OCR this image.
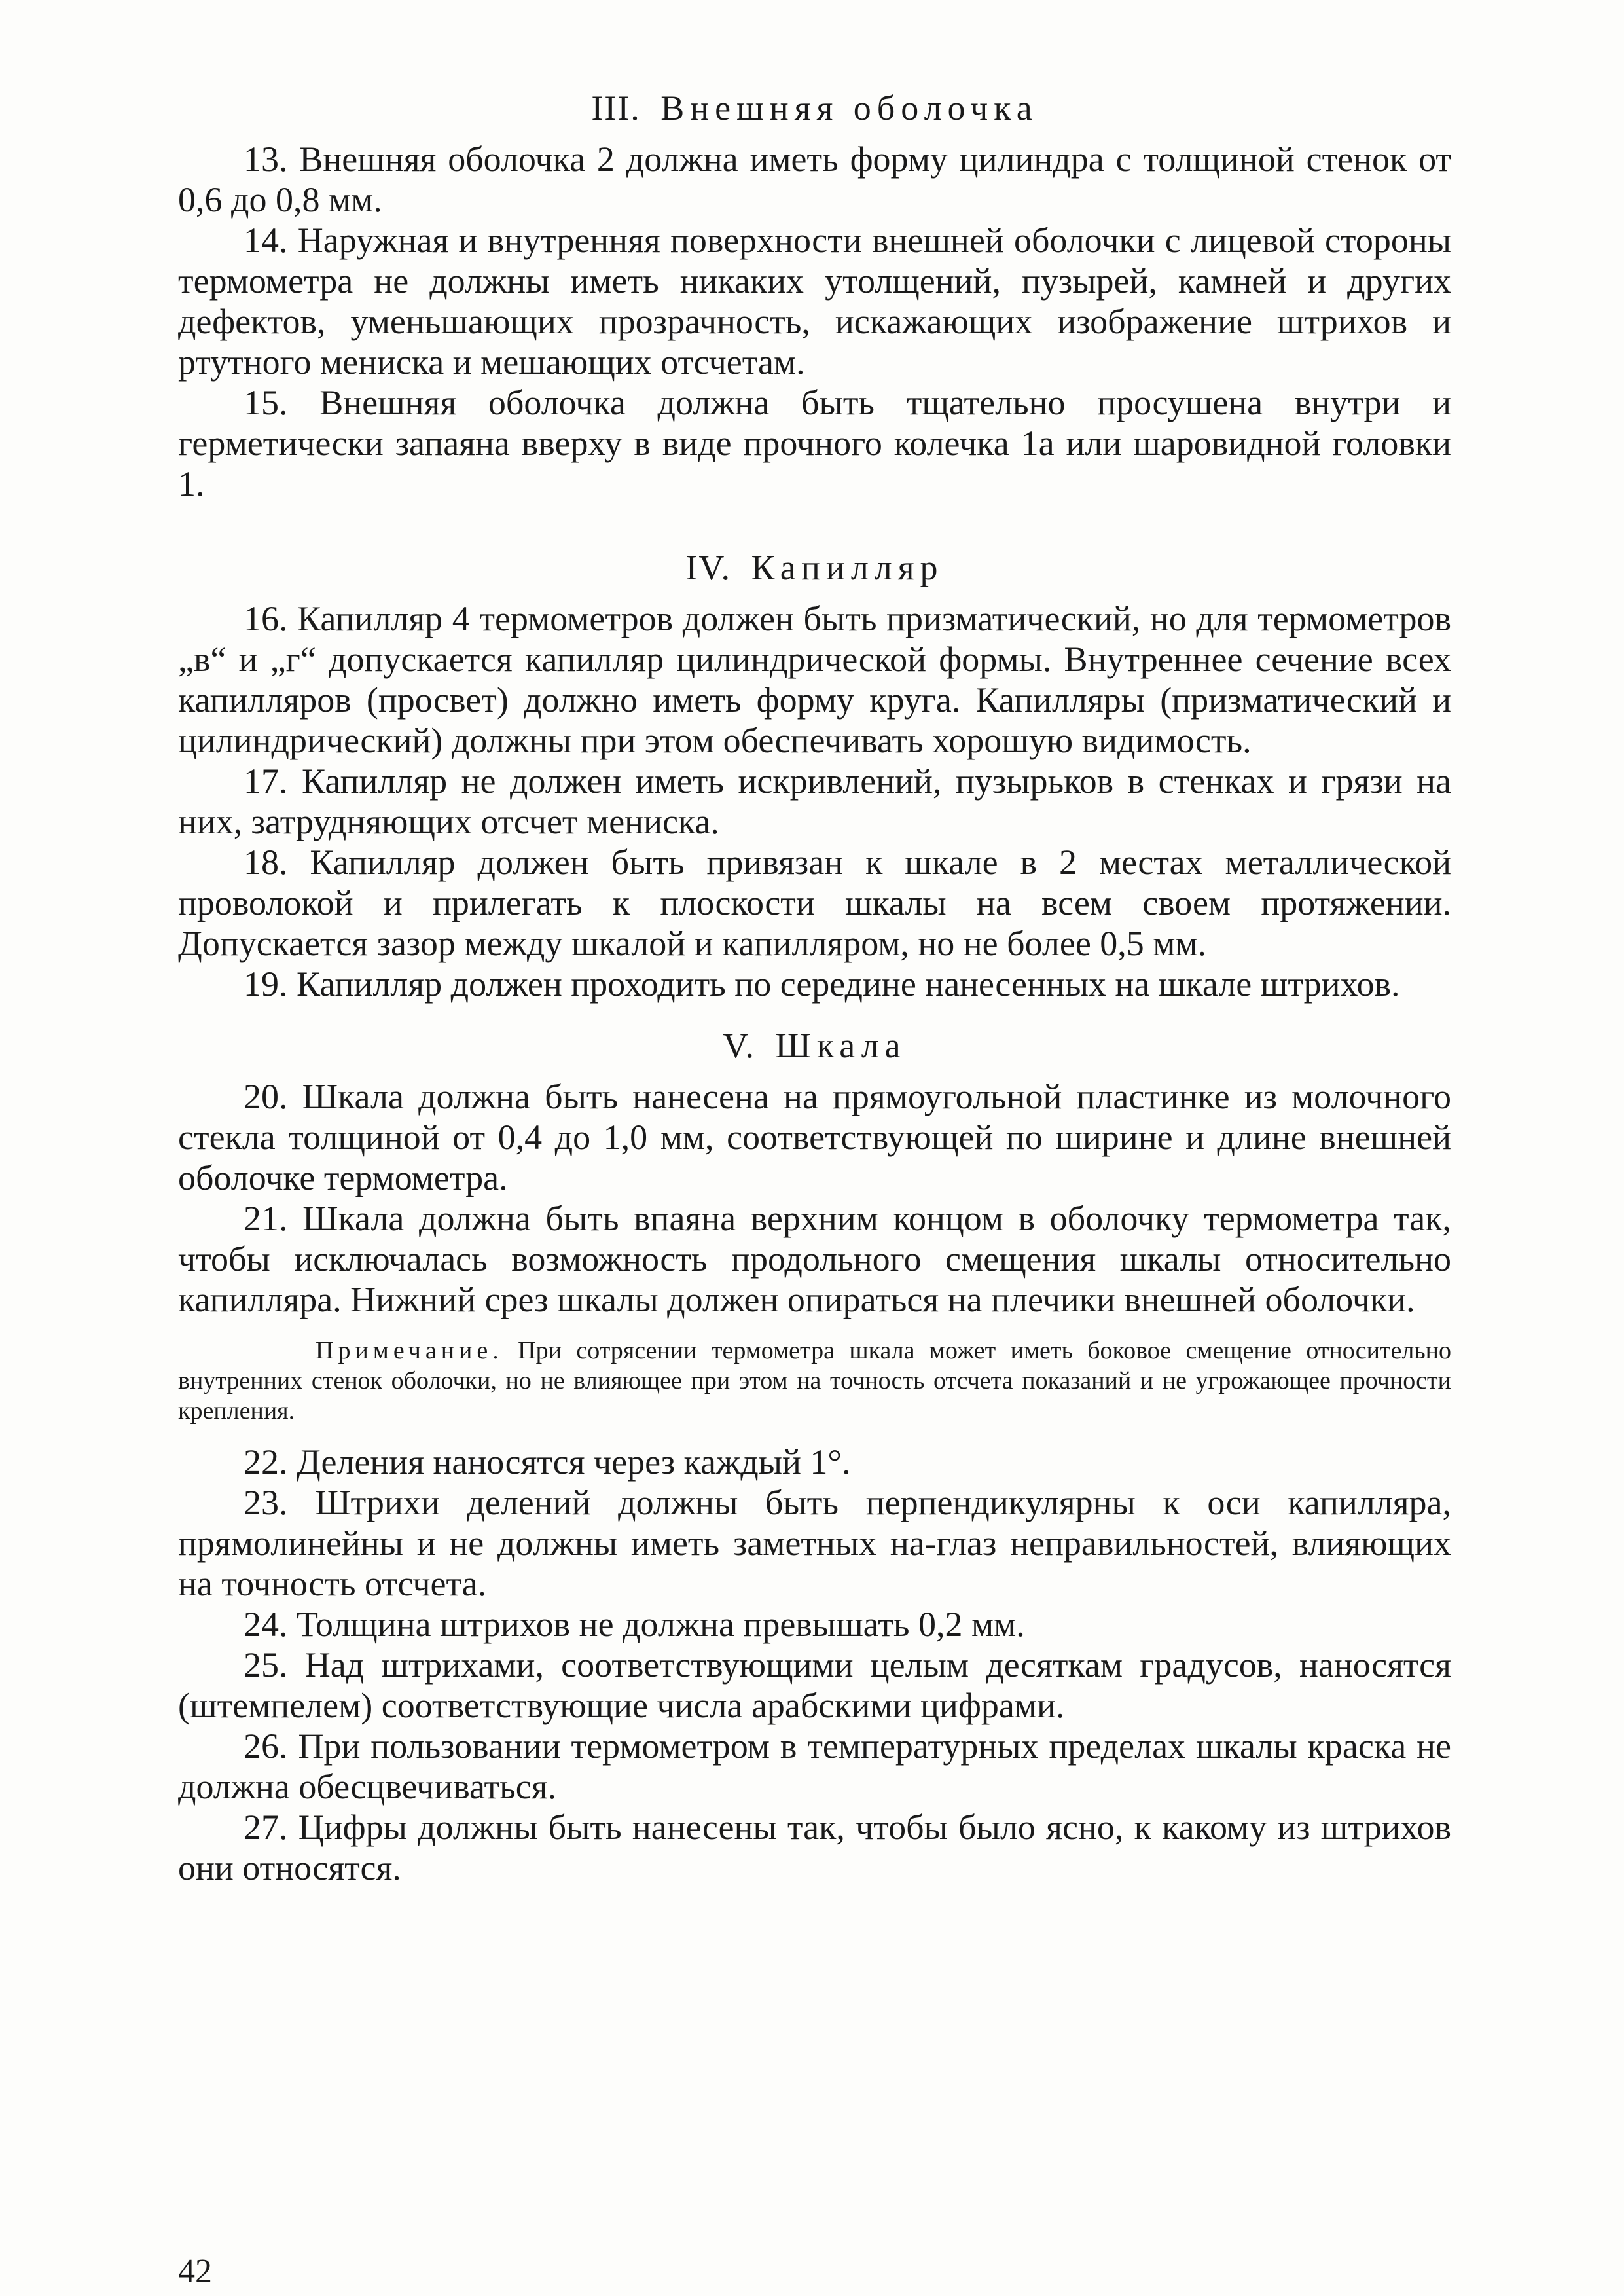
III. Внешняя оболочка

13. Внешняя оболочка 2 должна иметь форму цилиндра с толщиной стенок от 0,6 до 0,8 мм.

14. Наружная и внутренняя поверхности внешней оболочки с лицевой стороны термометра не должны иметь никаких утолщений, пузырей, камней и других дефектов, уменьшающих прозрачность, искажающих изображение штрихов и ртутного мениска и мешающих отсчетам.

15. Внешняя оболочка должна быть тщательно просушена внутри и герметически запаяна вверху в виде прочного колечка 1а или шаровидной головки 1.

IV. Капилляр

16. Капилляр 4 термометров должен быть призматический, но для термометров „в“ и „г“ допускается капилляр цилиндрической формы. Внутреннее сечение всех капилляров (просвет) должно иметь форму круга. Капилляры (призматический и цилиндрический) должны при этом обеспечивать хорошую видимость.

17. Капилляр не должен иметь искривлений, пузырьков в стенках и грязи на них, затрудняющих отсчет мениска.

18. Капилляр должен быть привязан к шкале в 2 местах металлической проволокой и прилегать к плоскости шкалы на всем своем протяжении. Допускается зазор между шкалой и капилляром, но не более 0,5 мм.

19. Капилляр должен проходить по середине нанесенных на шкале штрихов.

V. Шкала

20. Шкала должна быть нанесена на прямоугольной пластинке из молочного стекла толщиной от 0,4 до 1,0 мм, соответствующей по ширине и длине внешней оболочке термометра.

21. Шкала должна быть впаяна верхним концом в оболочку термометра так, чтобы исключалась возможность продольного смещения шкалы относительно капилляра. Нижний срез шкалы должен опираться на плечики внешней оболочки.

Примечание. При сотрясении термометра шкала может иметь боковое смещение относительно внутренних стенок оболочки, но не влияющее при этом на точность отсчета показаний и не угрожающее прочности крепления.

22. Деления наносятся через каждый 1°.

23. Штрихи делений должны быть перпендикулярны к оси капилляра, прямолинейны и не должны иметь заметных на-глаз неправильностей, влияющих на точность отсчета.

24. Толщина штрихов не должна превышать 0,2 мм.

25. Над штрихами, соответствующими целым десяткам градусов, наносятся (штемпелем) соответствующие числа арабскими цифрами.

26. При пользовании термометром в температурных пределах шкалы краска не должна обесцвечиваться.

27. Цифры должны быть нанесены так, чтобы было ясно, к какому из штрихов они относятся.

42
